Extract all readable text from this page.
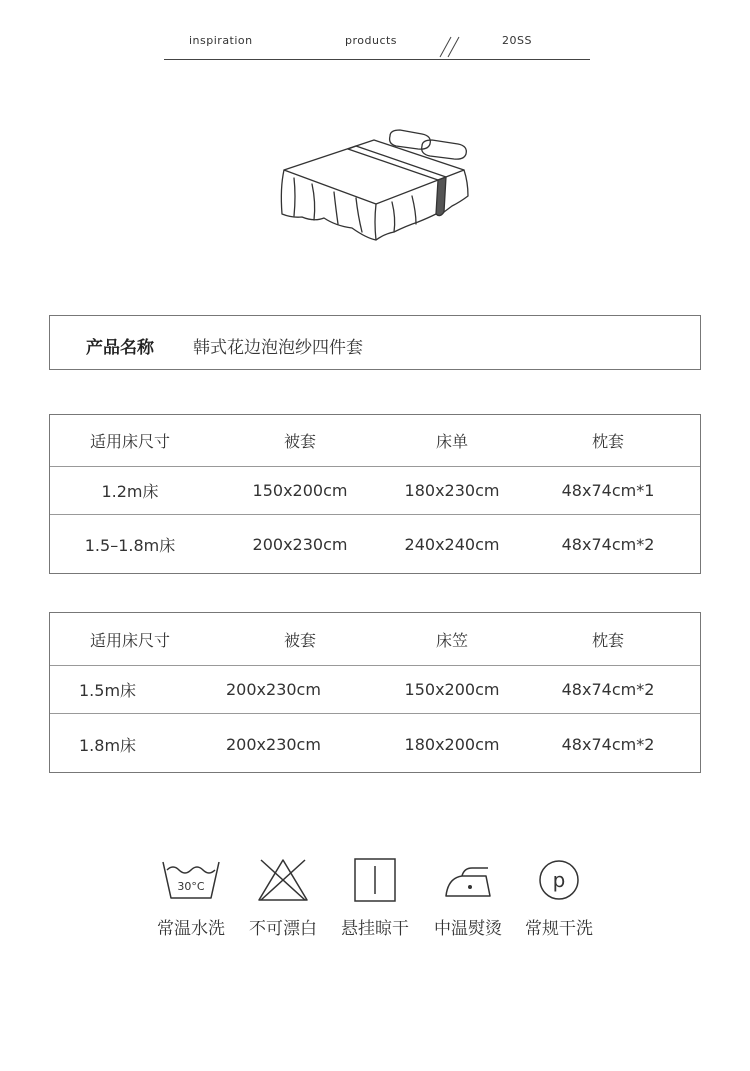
inspiration	products	20SS
产品名称 韩式花边泡泡纱四件套
适用床尺寸	被套	床单	枕套
1.2m床	150x200cm	180x230cm	48x74cm*1
1.5–1.8m床	200x230cm	240x240cm	48x74cm*2
适用床尺寸	被套	床笠	枕套
1.5m床	200x230cm	150x200cm	48x74cm*2
1.8m床	200x230cm	180x200cm	48x74cm*2
30°C
常温水洗	不可漂白	悬挂晾干	中温熨烫
p
常规干洗
